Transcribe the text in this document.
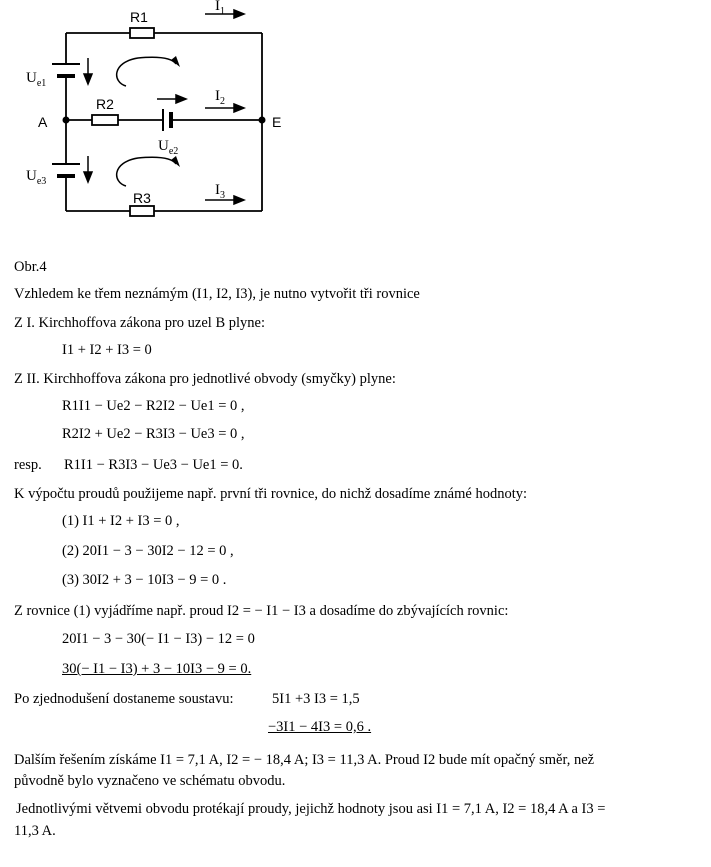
R1
R2
R3
A	E
$I_1$
$I_2$
$I_3$
$U_{e1}$
$U_{e2}$
$U_{e3}$
Obr.4
Vzhledem ke třem neznámým (I1, I2, I3), je nutno vytvořit tři rovnice
Z I. Kirchhoffova zákona pro uzel B plyne:
I1 + I2 + I3 = 0
Z II. Kirchhoffova zákona pro jednotlivé obvody (smyčky) plyne:
R1I1 − Ue2 − R2I2 − Ue1 = 0 ,
R2I2 + Ue2 − R3I3 − Ue3 = 0 ,
resp. R1I1 − R3I3 − Ue3 − Ue1 = 0.
K výpočtu proudů použijeme např. první tři rovnice, do nichž dosadíme známé hodnoty:
(1) I1 + I2 + I3 = 0 ,
(2) 20I1 − 3 − 30I2 − 12 = 0 ,
(3) 30I2 + 3 − 10I3 − 9 = 0 .
Z rovnice (1) vyjádříme např. proud I2 = − I1 − I3 a dosadíme do zbývajících rovnic:
20I1 − 3 − 30(− I1 − I3) − 12 = 0
30(− I1 − I3) + 3 − 10I3 − 9 = 0.
Po zjednodušení dostaneme soustavu:	5I1 +3 I3 = 1,5
−3I1 − 4I3 = 0,6 .
Dalším řešením získáme I1 = 7,1 A, I2 = − 18,4 A; I3 = 11,3 A. Proud I2 bude mít opačný směr, než
původně bylo vyznačeno ve schématu obvodu.
Jednotlivými větvemi obvodu protékají proudy, jejichž hodnoty jsou asi I1 = 7,1 A, I2 = 18,4 A a I3 =
11,3 A.
